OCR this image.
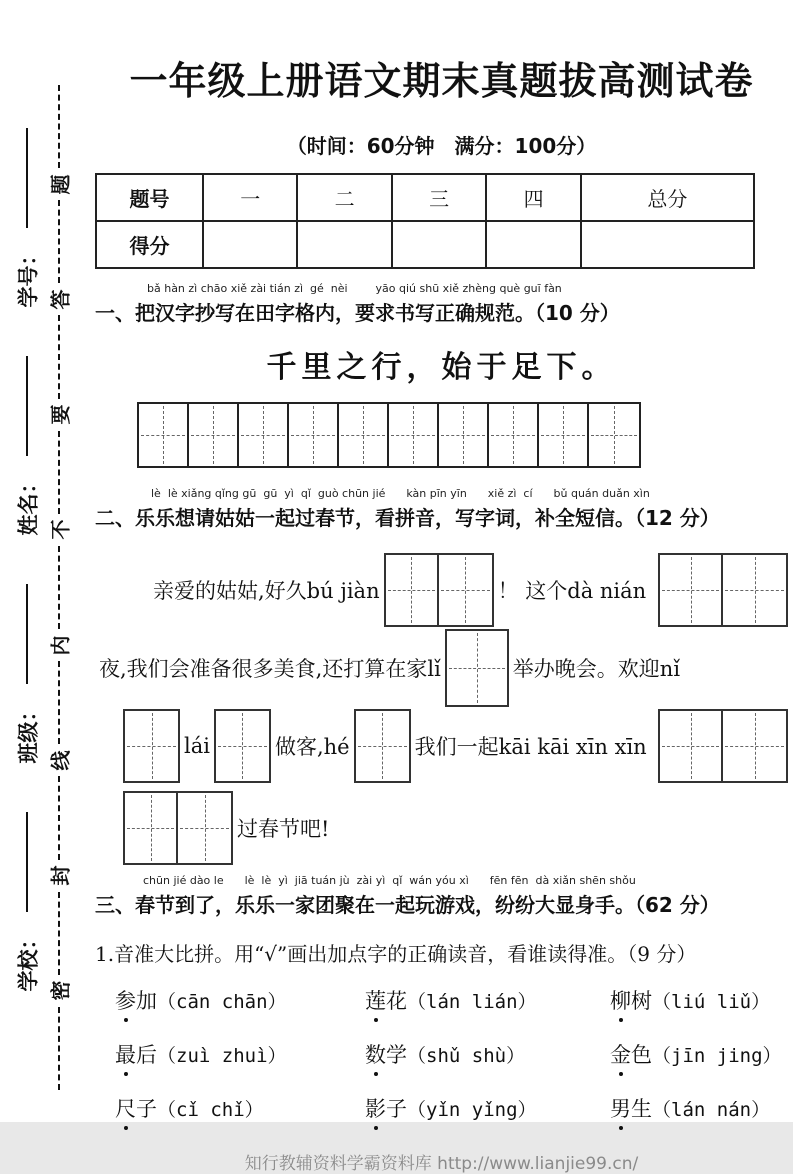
学号：
姓名：
班级：
学校：
题
答
要
不
内
线
封
密
一年级上册语文期末真题拔高测试卷
（时间：60分钟　满分：100分）
题号	一	二	三	四	总分
得分					
bǎ hàn zì chāo xiě zài tián zì  gé  nèi        yāo qiú shū xiě zhèng què guī fàn
一、把汉字抄写在田字格内，要求书写正确规范。（10 分）
千里之行，始于足下。
lè  lè xiǎng qǐng gū  gū  yì  qǐ  guò chūn jié      kàn pīn yīn      xiě zì  cí      bǔ quán duǎn xìn
二、乐乐想请姑姑一起过春节，看拼音，写字词，补全短信。（12 分）
亲爱的姑姑,好久bú jiàn	！ 这个dà nián
夜,我们会准备很多美食,还打算在家lǐ	举办晚会。欢迎nǐ
lái	做客,hé	我们一起kāi kāi xīn xīn
过春节吧!
chūn jié dào le      lè  lè  yì  jiā tuán jù  zài yì  qǐ  wán yóu xì      fēn fēn  dà xiǎn shēn shǒu
三、春节到了，乐乐一家团聚在一起玩游戏，纷纷大显身手。（62 分）
1.音准大比拼。用“√”画出加点字的正确读音，看谁读得准。（9 分）
参加（cān chān）	莲花（lán lián）	柳树（liú liǔ）
最后（zuì zhuì）	数学（shǔ shù）	金色（jīn jing）
尺子（cǐ chǐ）	影子（yǐn yǐng）	男生（lán nán）
知行教辅资料学霸资料库 http://www.lianjie99.cn/
